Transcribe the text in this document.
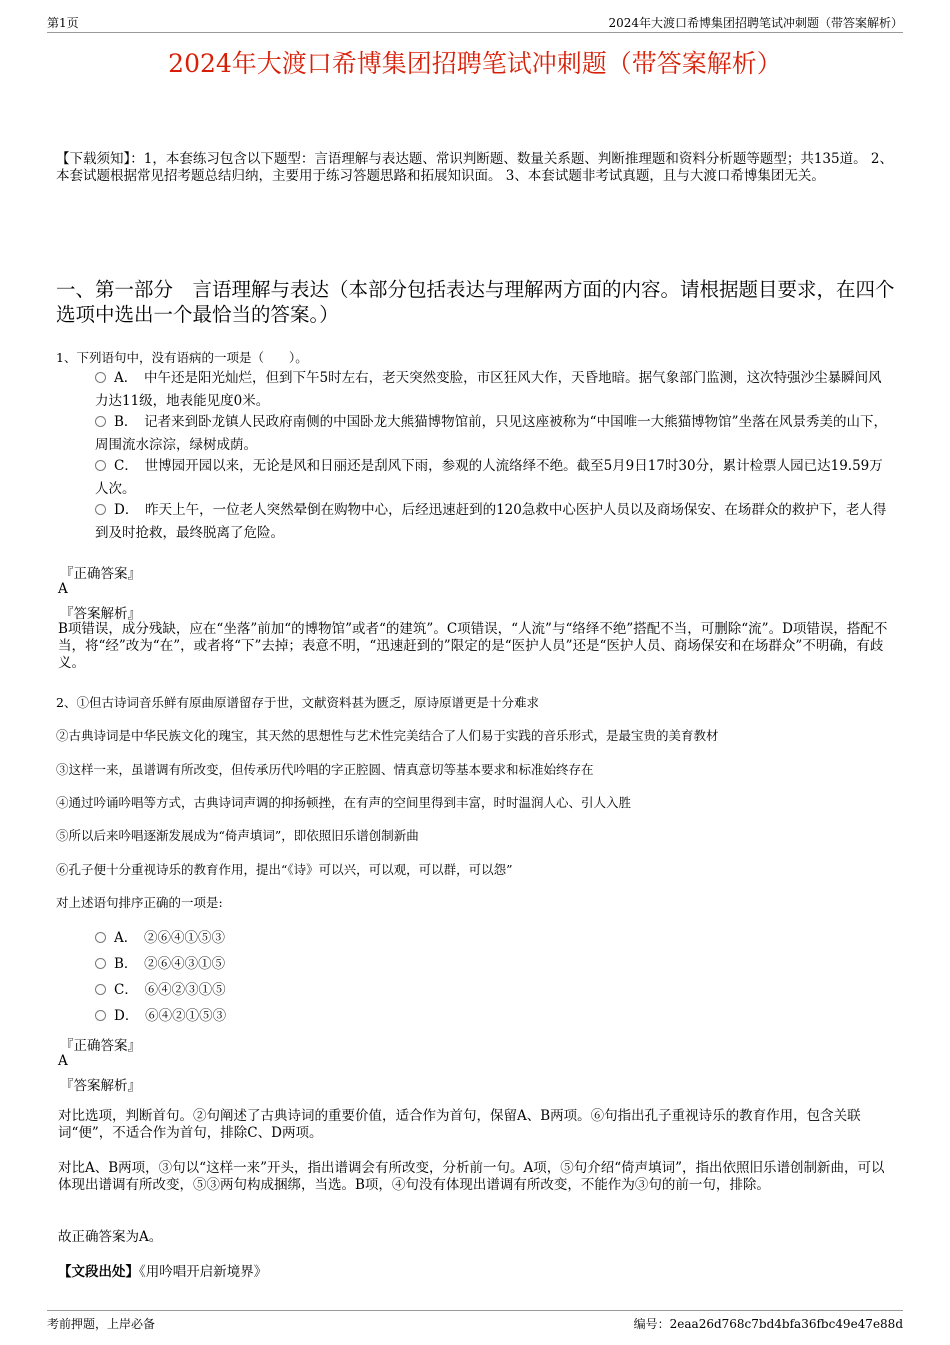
第1页	2024年大渡口希博集团招聘笔试冲刺题（带答案解析）
2024年大渡口希博集团招聘笔试冲刺题（带答案解析）
【下载须知】：1，本套练习包含以下题型：言语理解与表达题、常识判断题、数量关系题、判断推理题和资料分析题等题型；共135道。 2、本套试题根据常见招考题总结归纳，主要用于练习答题思路和拓展知识面。 3、本套试题非考试真题，且与大渡口希博集团无关。
一、第一部分　言语理解与表达（本部分包括表达与理解两方面的内容。请根据题目要求，在四个选项中选出一个最恰当的答案。）
1、下列语句中，没有语病的一项是（　　）。
A．　中午还是阳光灿烂，但到下午5时左右，老天突然变脸，市区狂风大作，天昏地暗。据气象部门监测，这次特强沙尘暴瞬间风力达11级，地表能见度0米。
B．　记者来到卧龙镇人民政府南侧的中国卧龙大熊猫博物馆前，只见这座被称为“中国唯一大熊猫博物馆”坐落在风景秀美的山下，周围流水淙淙，绿树成荫。
C．　世博园开园以来，无论是风和日丽还是刮风下雨，参观的人流络绎不绝。截至5月9日17时30分，累计检票人园已达19.59万人次。
D．　昨天上午，一位老人突然晕倒在购物中心，后经迅速赶到的120急救中心医护人员以及商场保安、在场群众的救护下，老人得到及时抢救，最终脱离了危险。
『正确答案』
A
『答案解析』
B项错误，成分残缺，应在“坐落”前加“的博物馆”或者“的建筑”。C项错误，“人流”与“络绎不绝”搭配不当，可删除“流”。D项错误，搭配不当，将“经”改为“在”，或者将“下”去掉；表意不明，“迅速赶到的”限定的是“医护人员”还是“医护人员、商场保安和在场群众”不明确，有歧义。
2、①但古诗词音乐鲜有原曲原谱留存于世，文献资料甚为匮乏，原诗原谱更是十分难求
②古典诗词是中华民族文化的瑰宝，其天然的思想性与艺术性完美结合了人们易于实践的音乐形式，是最宝贵的美育教材
③这样一来，虽谱调有所改变，但传承历代吟唱的字正腔圆、情真意切等基本要求和标准始终存在
④通过吟诵吟唱等方式，古典诗词声调的抑扬顿挫，在有声的空间里得到丰富，时时温润人心、引人入胜
⑤所以后来吟唱逐渐发展成为“倚声填词”，即依照旧乐谱创制新曲
⑥孔子便十分重视诗乐的教育作用，提出“《诗》可以兴，可以观，可以群，可以怨”
对上述语句排序正确的一项是:
A．　②⑥④①⑤③
B．　②⑥④③①⑤
C．　⑥④②③①⑤
D．　⑥④②①⑤③
『正确答案』
A
『答案解析』
对比选项，判断首句。②句阐述了古典诗词的重要价值，适合作为首句，保留A、B两项。⑥句指出孔子重视诗乐的教育作用，包含关联词“便”，不适合作为首句，排除C、D两项。
对比A、B两项，③句以“这样一来”开头，指出谱调会有所改变，分析前一句。A项，⑤句介绍“倚声填词”，指出依照旧乐谱创制新曲，可以体现出谱调有所改变，⑤③两句构成捆绑，当选。B项，④句没有体现出谱调有所改变，不能作为③句的前一句，排除。
故正确答案为A。
【文段出处】《用吟唱开启新境界》
考前押题，上岸必备	编号：2eaa26d768c7bd4bfa36fbc49e47e88d
